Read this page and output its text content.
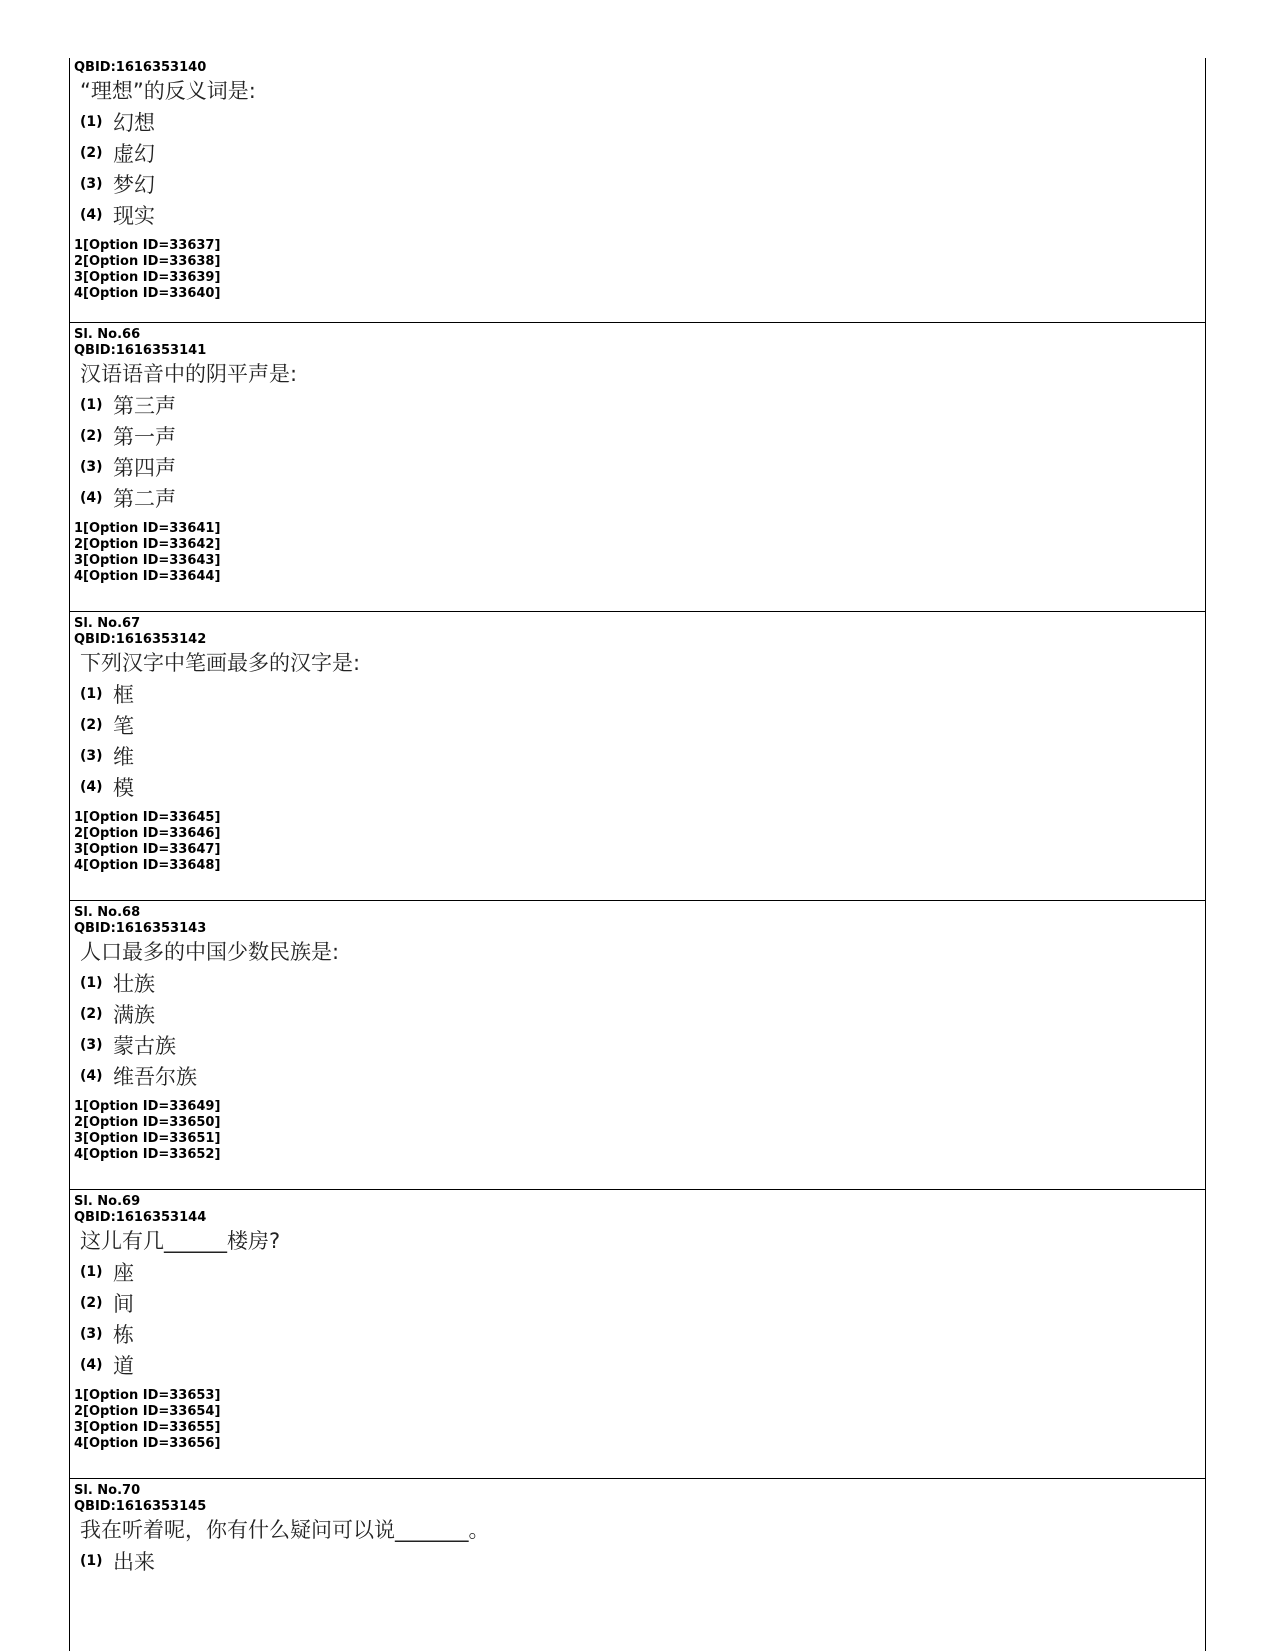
QBID:1616353140
“理想”的反义词是:
(1) 幻想
(2) 虚幻
(3) 梦幻
(4) 现实
1[Option ID=33637]
2[Option ID=33638]
3[Option ID=33639]
4[Option ID=33640]
Sl. No.66
QBID:1616353141
汉语语音中的阴平声是:
(1) 第三声
(2) 第一声
(3) 第四声
(4) 第二声
1[Option ID=33641]
2[Option ID=33642]
3[Option ID=33643]
4[Option ID=33644]
Sl. No.67
QBID:1616353142
下列汉字中笔画最多的汉字是:
(1) 框
(2) 笔
(3) 维
(4) 模
1[Option ID=33645]
2[Option ID=33646]
3[Option ID=33647]
4[Option ID=33648]
Sl. No.68
QBID:1616353143
人口最多的中国少数民族是:
(1) 壮族
(2) 满族
(3) 蒙古族
(4) 维吾尔族
1[Option ID=33649]
2[Option ID=33650]
3[Option ID=33651]
4[Option ID=33652]
Sl. No.69
QBID:1616353144
这儿有几______楼房?
(1) 座
(2) 间
(3) 栋
(4) 道
1[Option ID=33653]
2[Option ID=33654]
3[Option ID=33655]
4[Option ID=33656]
Sl. No.70
QBID:1616353145
我在听着呢，你有什么疑问可以说_______。
(1) 出来
